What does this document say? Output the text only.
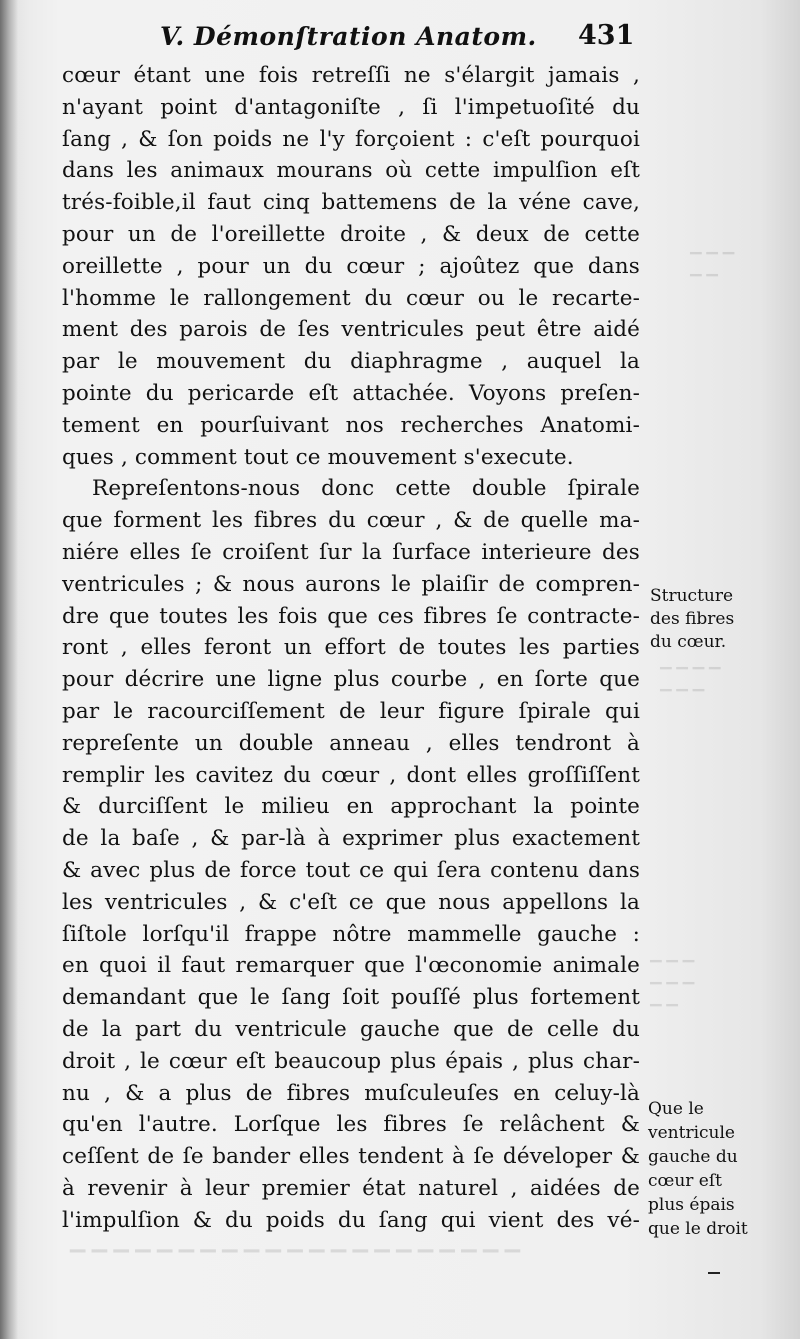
▔ ▔ ▔
▔ ▔
▔ ▔ ▔ ▔
▔ ▔ ▔
▔ ▔ ▔
▔ ▔ ▔
▔ ▔
▔ ▔ ▔ ▔ ▔ ▔ ▔ ▔ ▔ ▔ ▔ ▔ ▔ ▔ ▔ ▔ ▔ ▔ ▔ ▔ ▔
V. Démonſtration Anatom. 431
cœur étant une fois retreſſi ne s'élargit jamais ,
n'ayant point d'antagoniſte , ſi l'impetuoſité du
ſang , & ſon poids ne l'y forçoient : c'eſt pourquoi
dans les animaux mourans où cette impulſion eſt
trés-foible,il faut cinq battemens de la véne cave,
pour un de l'oreillette droite , & deux de cette
oreillette , pour un du cœur ; ajoûtez que dans
l'homme le rallongement du cœur ou le recarte-
ment des parois de ſes ventricules peut être aidé
par le mouvement du diaphragme , auquel la
pointe du pericarde eſt attachée. Voyons preſen-
tement en pourſuivant nos recherches Anatomi-
ques , comment tout ce mouvement s'execute.
Repreſentons-nous donc cette double ſpirale
que forment les fibres du cœur , & de quelle ma-
niére elles ſe croiſent ſur la ſurface interieure des
ventricules ; & nous aurons le plaiſir de compren-
dre que toutes les fois que ces fibres ſe contracte-
ront , elles feront un effort de toutes les parties
pour décrire une ligne plus courbe , en ſorte que
par le racourciſſement de leur figure ſpirale qui
repreſente un double anneau , elles tendront à
remplir les cavitez du cœur , dont elles groſſiſſent
& durciſſent le milieu en approchant la pointe
de la baſe , & par-là à exprimer plus exactement
& avec plus de force tout ce qui ſera contenu dans
les ventricules , & c'eſt ce que nous appellons la
ſiſtole lorſqu'il frappe nôtre mammelle gauche :
en quoi il faut remarquer que l'œconomie animale
demandant que le ſang ſoit pouſſé plus fortement
de la part du ventricule gauche que de celle du
droit , le cœur eſt beaucoup plus épais , plus char-
nu , & a plus de fibres muſculeuſes en celuy-là
qu'en l'autre. Lorſque les fibres ſe relâchent &
ceſſent de ſe bander elles tendent à ſe déveloper &
à revenir à leur premier état naturel , aidées de
l'impulſion & du poids du ſang qui vient des vé-
Structure
des fibres
du cœur.
Que le
ventricule
gauche du
cœur eſt
plus épais
que le droit
